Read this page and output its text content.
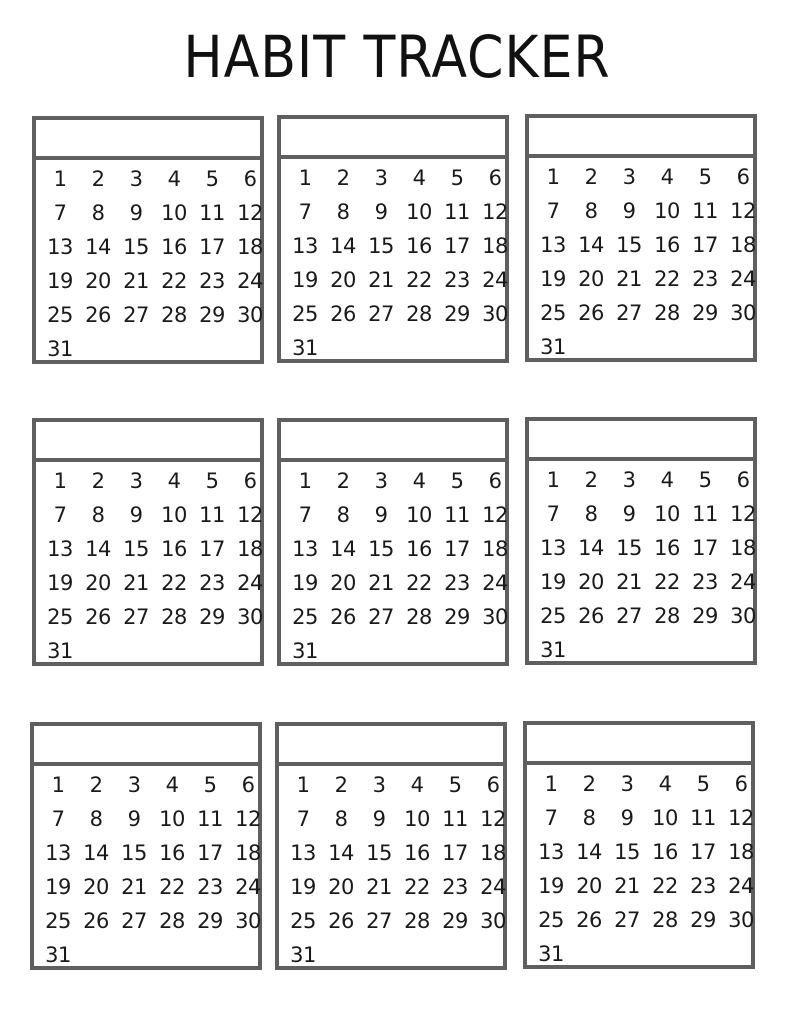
HABIT TRACKER
1	2	3	4	5	6
7	8	9 10 11 12
13 14 15 16 17 18
19 20 21 22 23 24
25 26 27 28 29 30
31
1	2	3	4	5	6
7	8	9 10 11 12
13 14 15 16 17 18
19 20 21 22 23 24
25 26 27 28 29 30
31
1	2	3	4	5	6
7	8	9 10 11 12
13 14 15 16 17 18
19 20 21 22 23 24
25 26 27 28 29 30
31
1	2	3	4	5	6
7	8	9 10 11 12
13 14 15 16 17 18
19 20 21 22 23 24
25 26 27 28 29 30
31
1	2	3	4	5	6
7	8	9 10 11 12
13 14 15 16 17 18
19 20 21 22 23 24
25 26 27 28 29 30
31
1	2	3	4	5	6
7	8	9 10 11 12
13 14 15 16 17 18
19 20 21 22 23 24
25 26 27 28 29 30
31
1	2	3	4	5	6
7	8	9 10 11 12
13 14 15 16 17 18
19 20 21 22 23 24
25 26 27 28 29 30
31
1	2	3	4	5	6
7	8	9 10 11 12
13 14 15 16 17 18
19 20 21 22 23 24
25 26 27 28 29 30
31
1	2	3	4	5	6
7	8	9 10 11 12
13 14 15 16 17 18
19 20 21 22 23 24
25 26 27 28 29 30
31
